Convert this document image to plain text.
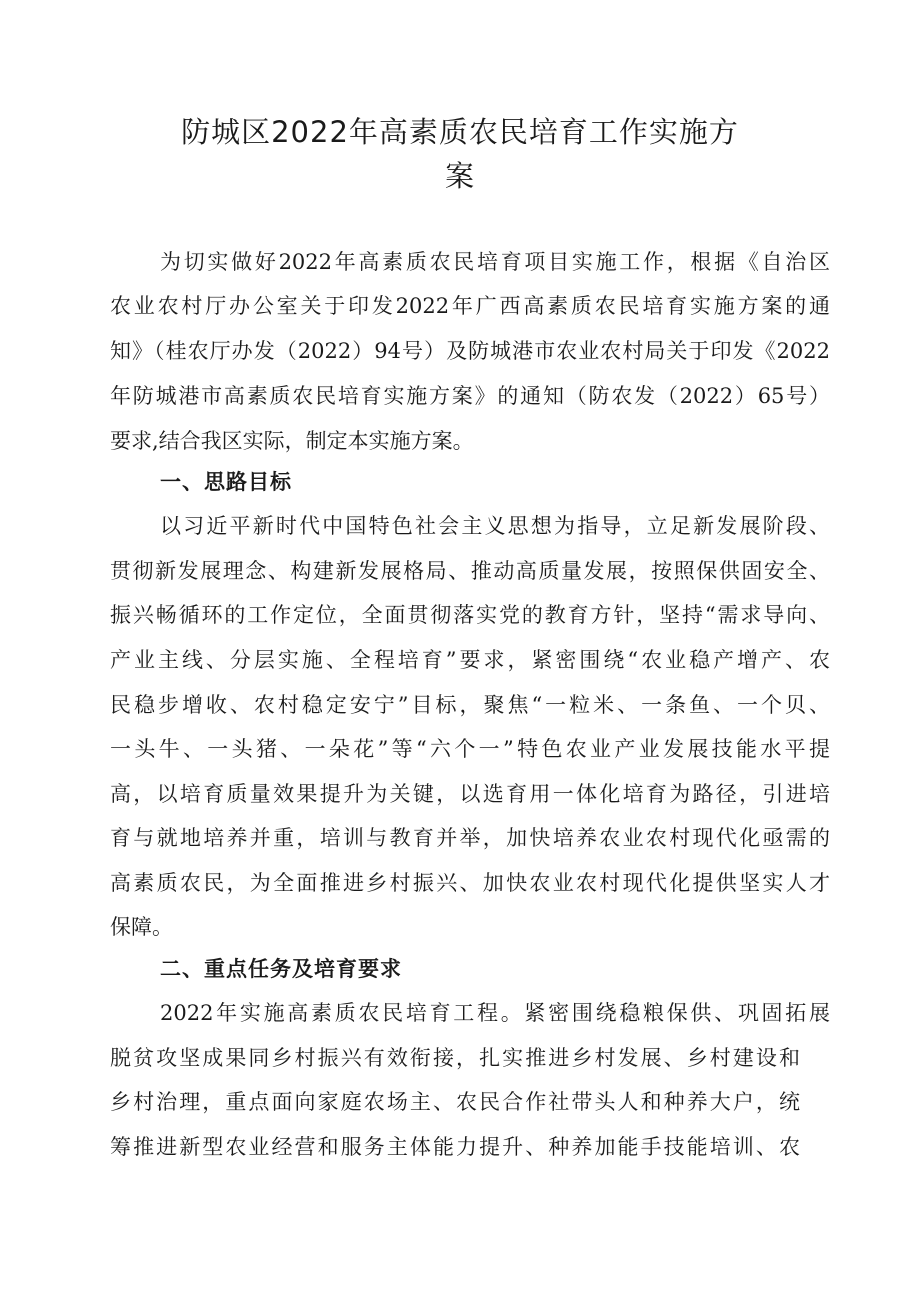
防城区2022年高素质农民培育工作实施方
案

为切实做好2022年高素质农民培育项目实施工作，根据《自治区

农业农村厅办公室关于印发2022年广西高素质农民培育实施方案的通

知》（桂农厅办发（2022）94号）及防城港市农业农村局关于印发《2022

年防城港市高素质农民培育实施方案》的通知（防农发（2022）65号）

要求,结合我区实际，制定本实施方案。

一、思路目标

以习近平新时代中国特色社会主义思想为指导，立足新发展阶段、

贯彻新发展理念、构建新发展格局、推动高质量发展，按照保供固安全、

振兴畅循环的工作定位，全面贯彻落实党的教育方针，坚持“需求导向、

产业主线、分层实施、全程培育”要求，紧密围绕“农业稳产增产、农

民稳步增收、农村稳定安宁”目标，聚焦“一粒米、一条鱼、一个贝、

一头牛、一头猪、一朵花”等“六个一”特色农业产业发展技能水平提

高，以培育质量效果提升为关键，以选育用一体化培育为路径，引进培

育与就地培养并重，培训与教育并举，加快培养农业农村现代化亟需的

高素质农民，为全面推进乡村振兴、加快农业农村现代化提供坚实人才

保障。

二、重点任务及培育要求

2022年实施高素质农民培育工程。紧密围绕稳粮保供、巩固拓展

脱贫攻坚成果同乡村振兴有效衔接，扎实推进乡村发展、乡村建设和

乡村治理，重点面向家庭农场主、农民合作社带头人和种养大户，统

筹推进新型农业经营和服务主体能力提升、种养加能手技能培训、农
